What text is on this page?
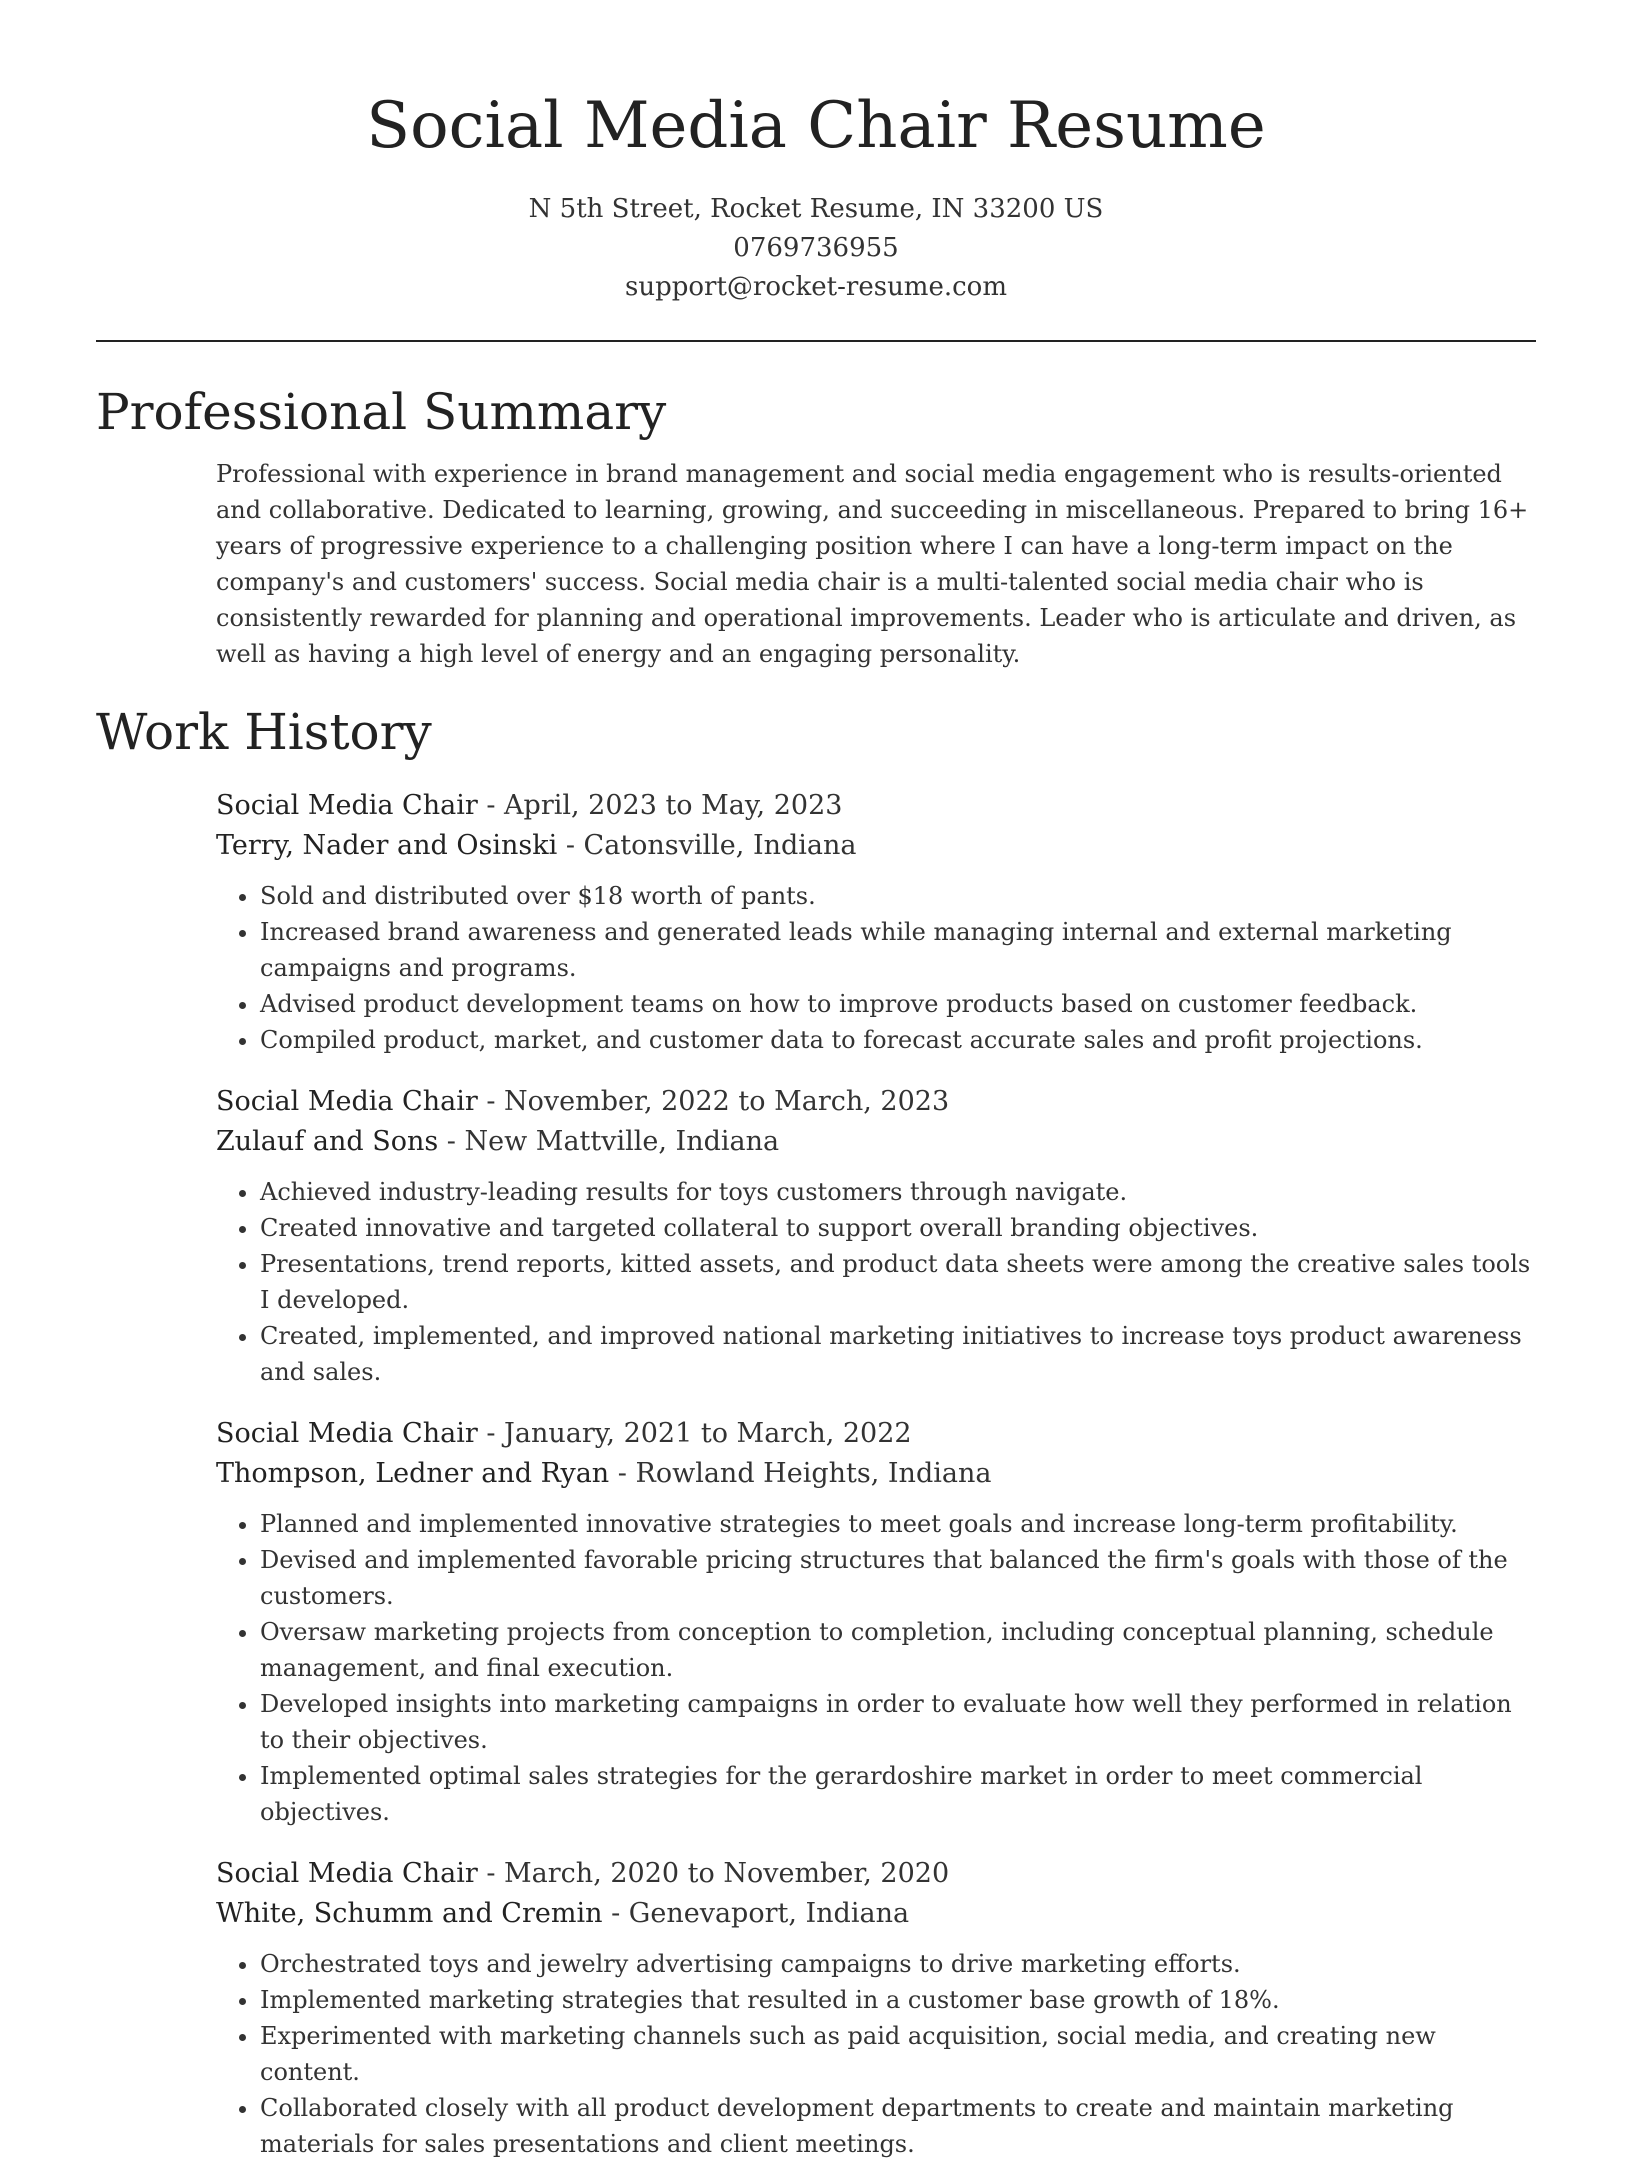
Social Media Chair Resume

N 5th Street, Rocket Resume, IN 33200 US

0769736955

support@rocket-resume.com

Professional Summary

Professional with experience in brand management and social media engagement who is results-oriented and collaborative. Dedicated to learning, growing, and succeeding in miscellaneous. Prepared to bring 16+ years of progressive experience to a challenging position where I can have a long-term impact on the company's and customers' success. Social media chair is a multi-talented social media chair who is consistently rewarded for planning and operational improvements. Leader who is articulate and driven, as well as having a high level of energy and an engaging personality.

Work History

Social Media Chair - April, 2023 to May, 2023

Terry, Nader and Osinski - Catonsville, Indiana

• Sold and distributed over $18 worth of pants.
• Increased brand awareness and generated leads while managing internal and external marketing campaigns and programs.
• Advised product development teams on how to improve products based on customer feedback.
• Compiled product, market, and customer data to forecast accurate sales and profit projections.

Social Media Chair - November, 2022 to March, 2023

Zulauf and Sons - New Mattville, Indiana

• Achieved industry-leading results for toys customers through navigate.
• Created innovative and targeted collateral to support overall branding objectives.
• Presentations, trend reports, kitted assets, and product data sheets were among the creative sales tools I developed.
• Created, implemented, and improved national marketing initiatives to increase toys product awareness and sales.

Social Media Chair - January, 2021 to March, 2022

Thompson, Ledner and Ryan - Rowland Heights, Indiana

• Planned and implemented innovative strategies to meet goals and increase long-term profitability.
• Devised and implemented favorable pricing structures that balanced the firm's goals with those of the customers.
• Oversaw marketing projects from conception to completion, including conceptual planning, schedule management, and final execution.
• Developed insights into marketing campaigns in order to evaluate how well they performed in relation to their objectives.
• Implemented optimal sales strategies for the gerardoshire market in order to meet commercial objectives.

Social Media Chair - March, 2020 to November, 2020

White, Schumm and Cremin - Genevaport, Indiana

• Orchestrated toys and jewelry advertising campaigns to drive marketing efforts.
• Implemented marketing strategies that resulted in a customer base growth of 18%.
• Experimented with marketing channels such as paid acquisition, social media, and creating new content.
• Collaborated closely with all product development departments to create and maintain marketing materials for sales presentations and client meetings.
